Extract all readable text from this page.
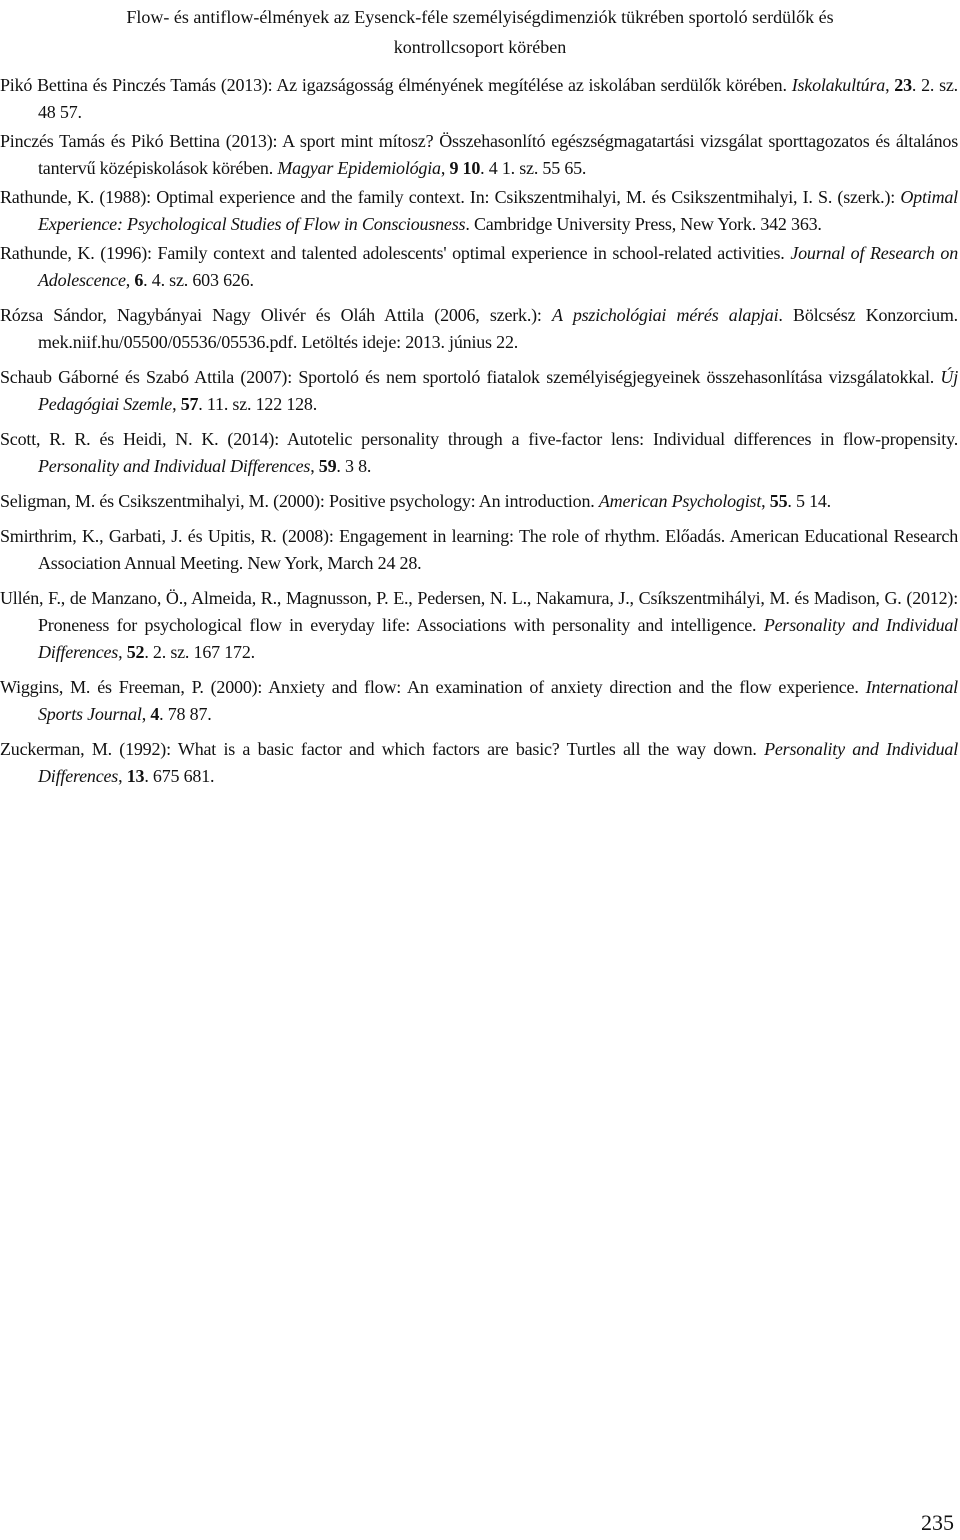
Flow- és antiflow-élmények az Eysenck-féle személyiségdimenziók tükrében sportoló serdülők és
kontrollcsoport körében
Pikó Bettina és Pinczés Tamás (2013): Az igazságosság élményének megítélése az iskolában serdülők körében. Iskolakultúra, 23. 2. sz. 48 57.
Pinczés Tamás és Pikó Bettina (2013): A sport mint mítosz? Összehasonlító egészségmagatartási vizsgálat sporttagozatos és általános tantervű középiskolások körében. Magyar Epidemiológia, 9 10. 4 1. sz. 55 65.
Rathunde, K. (1988): Optimal experience and the family context. In: Csikszentmihalyi, M. és Csikszentmihalyi, I. S. (szerk.): Optimal Experience: Psychological Studies of Flow in Consciousness. Cambridge University Press, New York. 342 363.
Rathunde, K. (1996): Family context and talented adolescents' optimal experience in school-related activities. Journal of Research on Adolescence, 6. 4. sz. 603 626.
Rózsa Sándor, Nagybányai Nagy Olivér és Oláh Attila (2006, szerk.): A pszichológiai mérés alapjai. Bölcsész Konzorcium. mek.niif.hu/05500/05536/05536.pdf. Letöltés ideje: 2013. június 22.
Schaub Gáborné és Szabó Attila (2007): Sportoló és nem sportoló fiatalok személyiségjegyeinek összehasonlítása vizsgálatokkal. Új Pedagógiai Szemle, 57. 11. sz. 122 128.
Scott, R. R. és Heidi, N. K. (2014): Autotelic personality through a five-factor lens: Individual differences in flow-propensity. Personality and Individual Differences, 59. 3 8.
Seligman, M. és Csikszentmihalyi, M. (2000): Positive psychology: An introduction. American Psychologist, 55. 5 14.
Smirthrim, K., Garbati, J. és Upitis, R. (2008): Engagement in learning: The role of rhythm. Előadás. American Educational Research Association Annual Meeting. New York, March 24 28.
Ullén, F., de Manzano, Ö., Almeida, R., Magnusson, P. E., Pedersen, N. L., Nakamura, J., Csíkszentmihályi, M. és Madison, G. (2012): Proneness for psychological flow in everyday life: Associations with personality and intelligence. Personality and Individual Differences, 52. 2. sz. 167 172.
Wiggins, M. és Freeman, P. (2000): Anxiety and flow: An examination of anxiety direction and the flow experience. International Sports Journal, 4. 78 87.
Zuckerman, M. (1992): What is a basic factor and which factors are basic? Turtles all the way down. Personality and Individual Differences, 13. 675 681.
235
